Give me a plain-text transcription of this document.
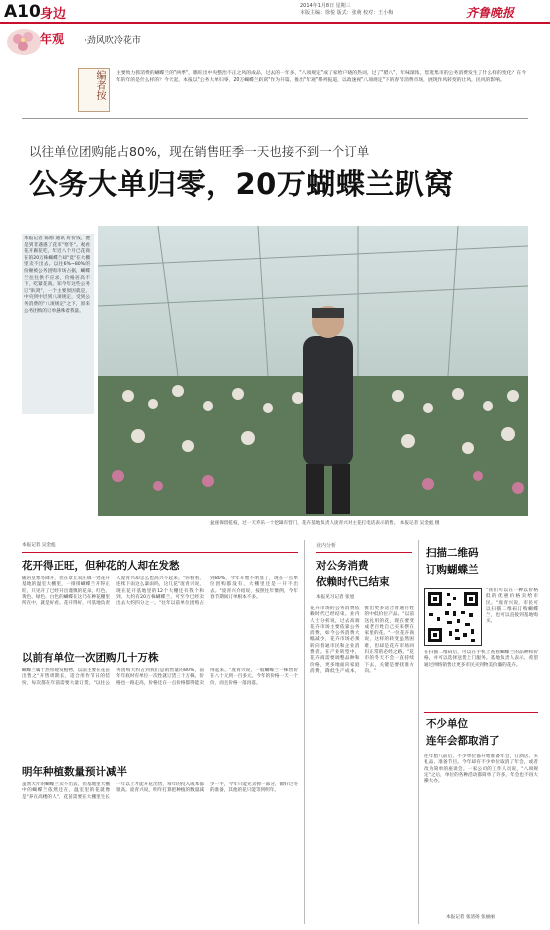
A10 身边
2014年1月8日 星期三
本版主编：徐悦 版式：张萌 校对：王小梅	齐鲁晚报
年观 ·劲风吹冷花市
编者按 主要致力抓消费的蝴蝶兰的"两季"，瞧旺出中央整治不正之风的成品，过去的一年多，"八项规定"成了家给户晓的热词，过了"腊八"，年味渐浓，您逛集市的公务消费发生了什么样的变化？在今年的年的是什么样的？今天起，本报以"公务大单归零，20万蝴蝶兰趴窝"作为开篇，推出"年观"系列报道，以政速视"八项规定"下的春节消费市场，展现作风转变的让风，民风的影响。
以往单位团购能占80%，现在销售旺季一天也接不到一个订单
公务大单归零，20万蝴蝶兰趴窝
本报记者 陈刚 通讯 好价钱，便是到非遇遇了花市"寒冬"。观看花开踢花吃，年近八个月已花商在的20万株蝴蝶兰却"竟"在大棚里卖不出去。以往6%~80%的份额被公务团购市场占据，蝴蝶兰往往供不应求，价格居高不下，吃紧花商。知今年这些公务订"趴窝"，一个主要原因就是，中央到中层到八项规定，受到公务消费的"八项规定"之下，原来公务团购的订单悬殊着我量。
盆座保留乾枝，过一天乔乐一十挖辑有营门，花卉基地负责人庞青兴对主花打电话表示销售。 本报记者 吴金彪 摄
本报记者 吴金彪
花开得正旺，但种花的人却在发愁
随岩皇寒冬降升，但在章丘双庄镇一处花开基地的温室大棚里，一排排蝴蝶兰开得正旺，只见开了已经开出谨慎的花朵，红色、黄色、绿色、白色的蝴蝶在这乃在种花棚里所在中，就是好看。花开得好，可基地负责人庞青兴却怎么也高兴不起来。"你看看，连续下雨这么暴雨吗，这几花"庞青兴说，现在花开基地里的12个大棚还有我个和到，大约有20万株蝴蝶兰，可至今已经卖出去大约四分之一。"往年以前单位团购占到80%，今年开始不明显了，现在一点单位团购都没有，大棚里还是一开不出去。"庞青兴介绍说，按照往年惯例，今年春节期间订单根本不多。
以前有单位一次团购几十万株
蝴蝶兰属于热带观赏植物，以前主要在花苗出售之"开售周期长，适合用作节日的装扮，每次都在年前需要大量订货。"以往公务团购大约占到我们总销售量的80%，前年年底时有单位一次性就订货三十万株，价格也一路走高，价格还在一点价格都得能卖得起来。"庞青兴说，一般蝴蝶兰一株售价在八十元到一百多元，今年的价格一天一个价，而且价格一落再落。
明年种植数量预计减半
虽然大片的蝴蝶兰卖不出去，但基地里大棚中的蝴蝶兰依然还在，温室里的花就像是"养在高楼的人"，花苗需要在大棚里生长一年以上才能开花出售，每年的投入成本都很高。庞青兴说，明年打算把种植的数量减少一半，今年只能先卖掉一部分，做好过冬的准备，其他的花只能等到明年。
业内分析
对公务消费
依赖时代已结束
本报见习记者 张旭
花卉市场的公务消费依赖时代已经结束。业内人士分析说，过去高端花卉市场主要依靠公务消费，如今公务消费大幅减少，花卉市场必须转向普通市民和企业消费者。在产业转型中，花卉商需要调整品种和价格，更多地面向家庭消费，降低生产成本，推出更多适合普通百姓的中低价位产品。"以前送礼用的花，现在要变成老百姓自己买来摆在家里的花。"一位花卉商说，这样的转变虽然困难，但却是花卉市场回归正常的必经之路。"花市的冬天不会一直持续下去，关键是要找准方向。"
扫描二维码
订购蝴蝶兰
"我们可以在一种以价格低的优惠价格卖给市民。"庞青兴说，市民可以扫描二维码订购蝴蝶兰，也可以直接到基地购买。
在扫描二维码后，可以在手机上查看蝴蝶兰的品种和价格，并可以选择送货上门服务。基地负责人表示，希望通过网络销售让更多市民买到物美价廉的花卉。
不少单位
连年会都取消了
往年腊八前后，不少单位都开始准备年会，订酒店、买礼品、准备节目。今年却有不少单位取消了年会，或者改为简单的座谈会。一家公司的工作人员说，"八项规定"之后，单位的各种活动都简单了许多，年会也不再大操大办。
本报记者 张清扬 张丽丽
